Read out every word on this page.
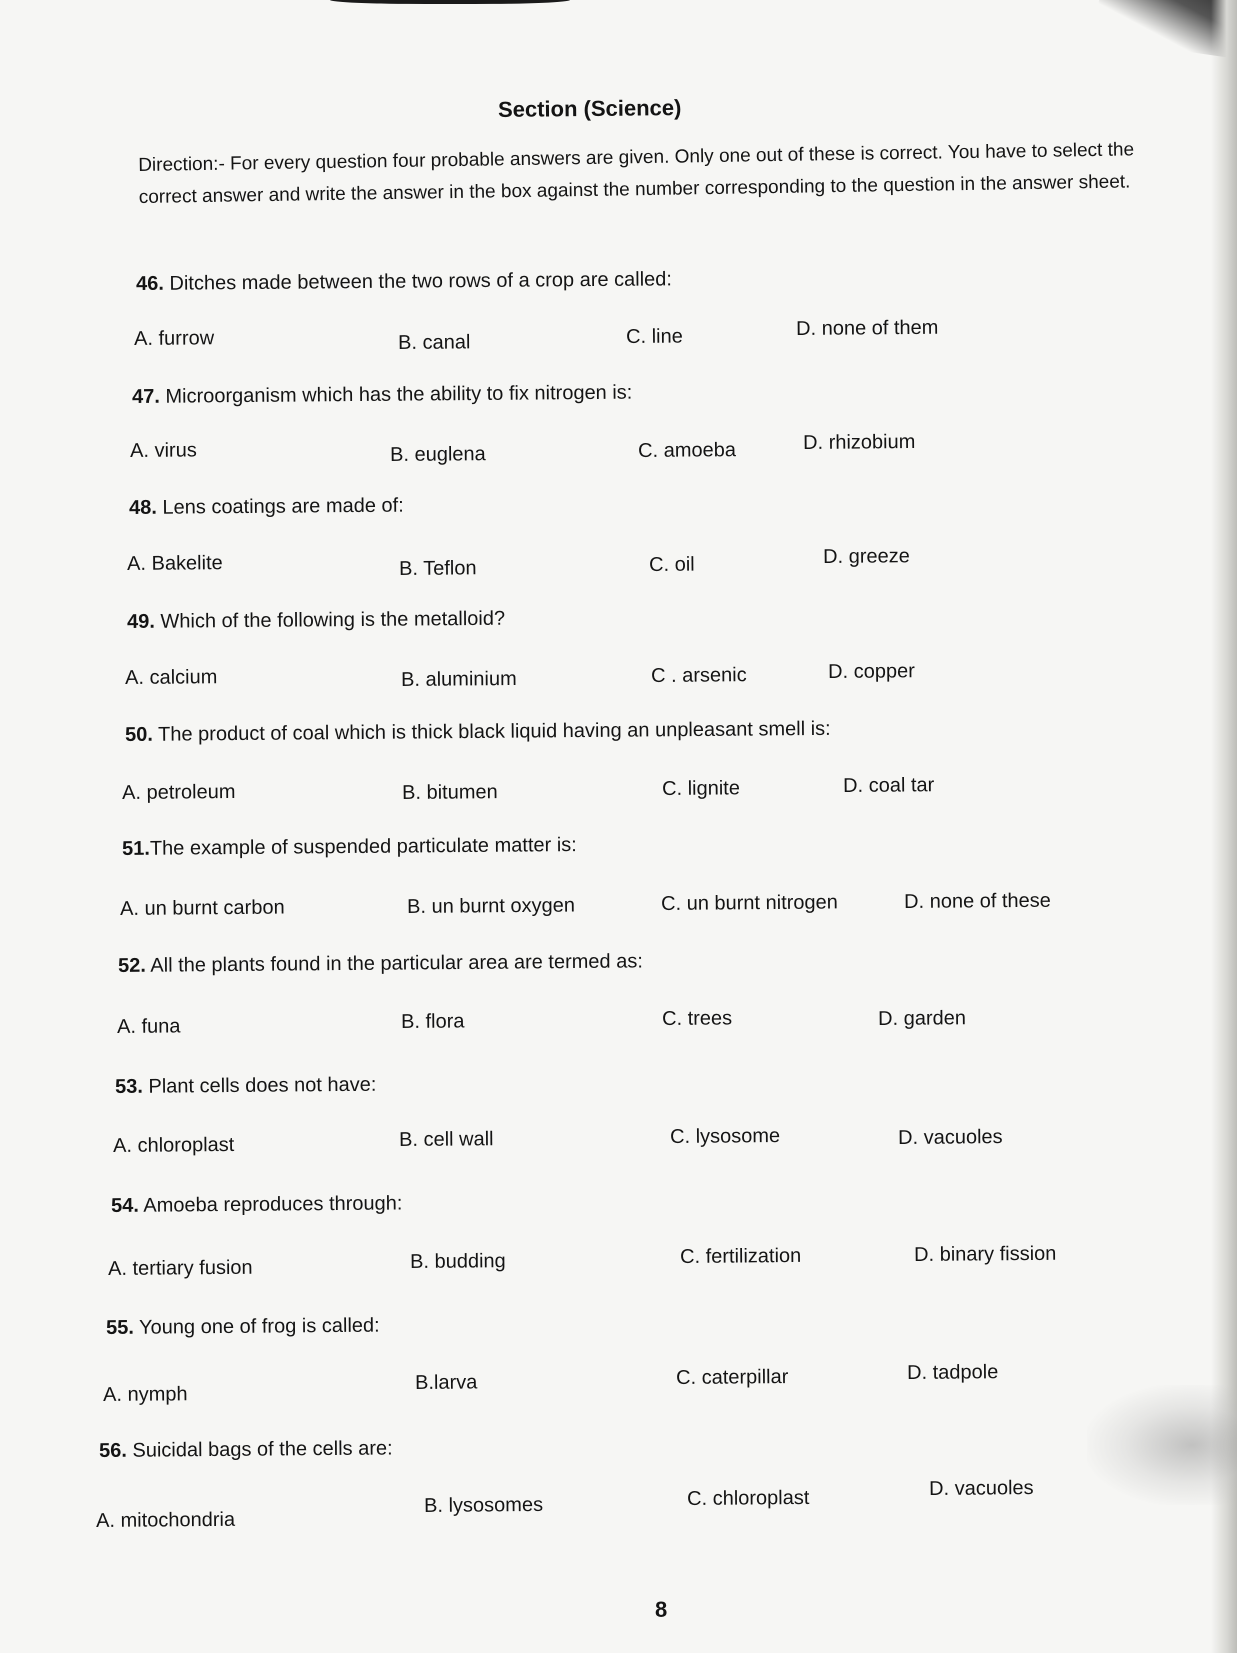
Section (Science)
Direction:- For every question four probable answers are given. Only one out of these is correct. You have to select the correct answer and write the answer in the box against the number corresponding to the question in the answer sheet.
46. Ditches made between the two rows of a crop are called:
A. furrow	B. canal	C. line	D. none of them
47. Microorganism which has the ability to fix nitrogen is:
A. virus	B. euglena	C. amoeba	D. rhizobium
48. Lens coatings are made of:
A. Bakelite	B. Teflon	C. oil	D. greeze
49. Which of the following is the metalloid?
A. calcium	B. aluminium	C . arsenic	D. copper
50. The product of coal which is thick black liquid having an unpleasant smell is:
A. petroleum	B. bitumen	C. lignite	D. coal tar
51.The example of suspended particulate matter is:
A. un burnt carbon	B. un burnt oxygen	C. un burnt nitrogen	D. none of these
52. All the plants found in the particular area are termed as:
A. funa	B. flora	C. trees	D. garden
53. Plant cells does not have:
A. chloroplast	B. cell wall	C. lysosome	D. vacuoles
54. Amoeba reproduces through:
A. tertiary fusion	B. budding	C. fertilization	D. binary fission
55. Young one of frog is called:
A. nymph
B.larva	C. caterpillar	D. tadpole
56. Suicidal bags of the cells are:
A. mitochondria
B. lysosomes	C. chloroplast	D. vacuoles
8
